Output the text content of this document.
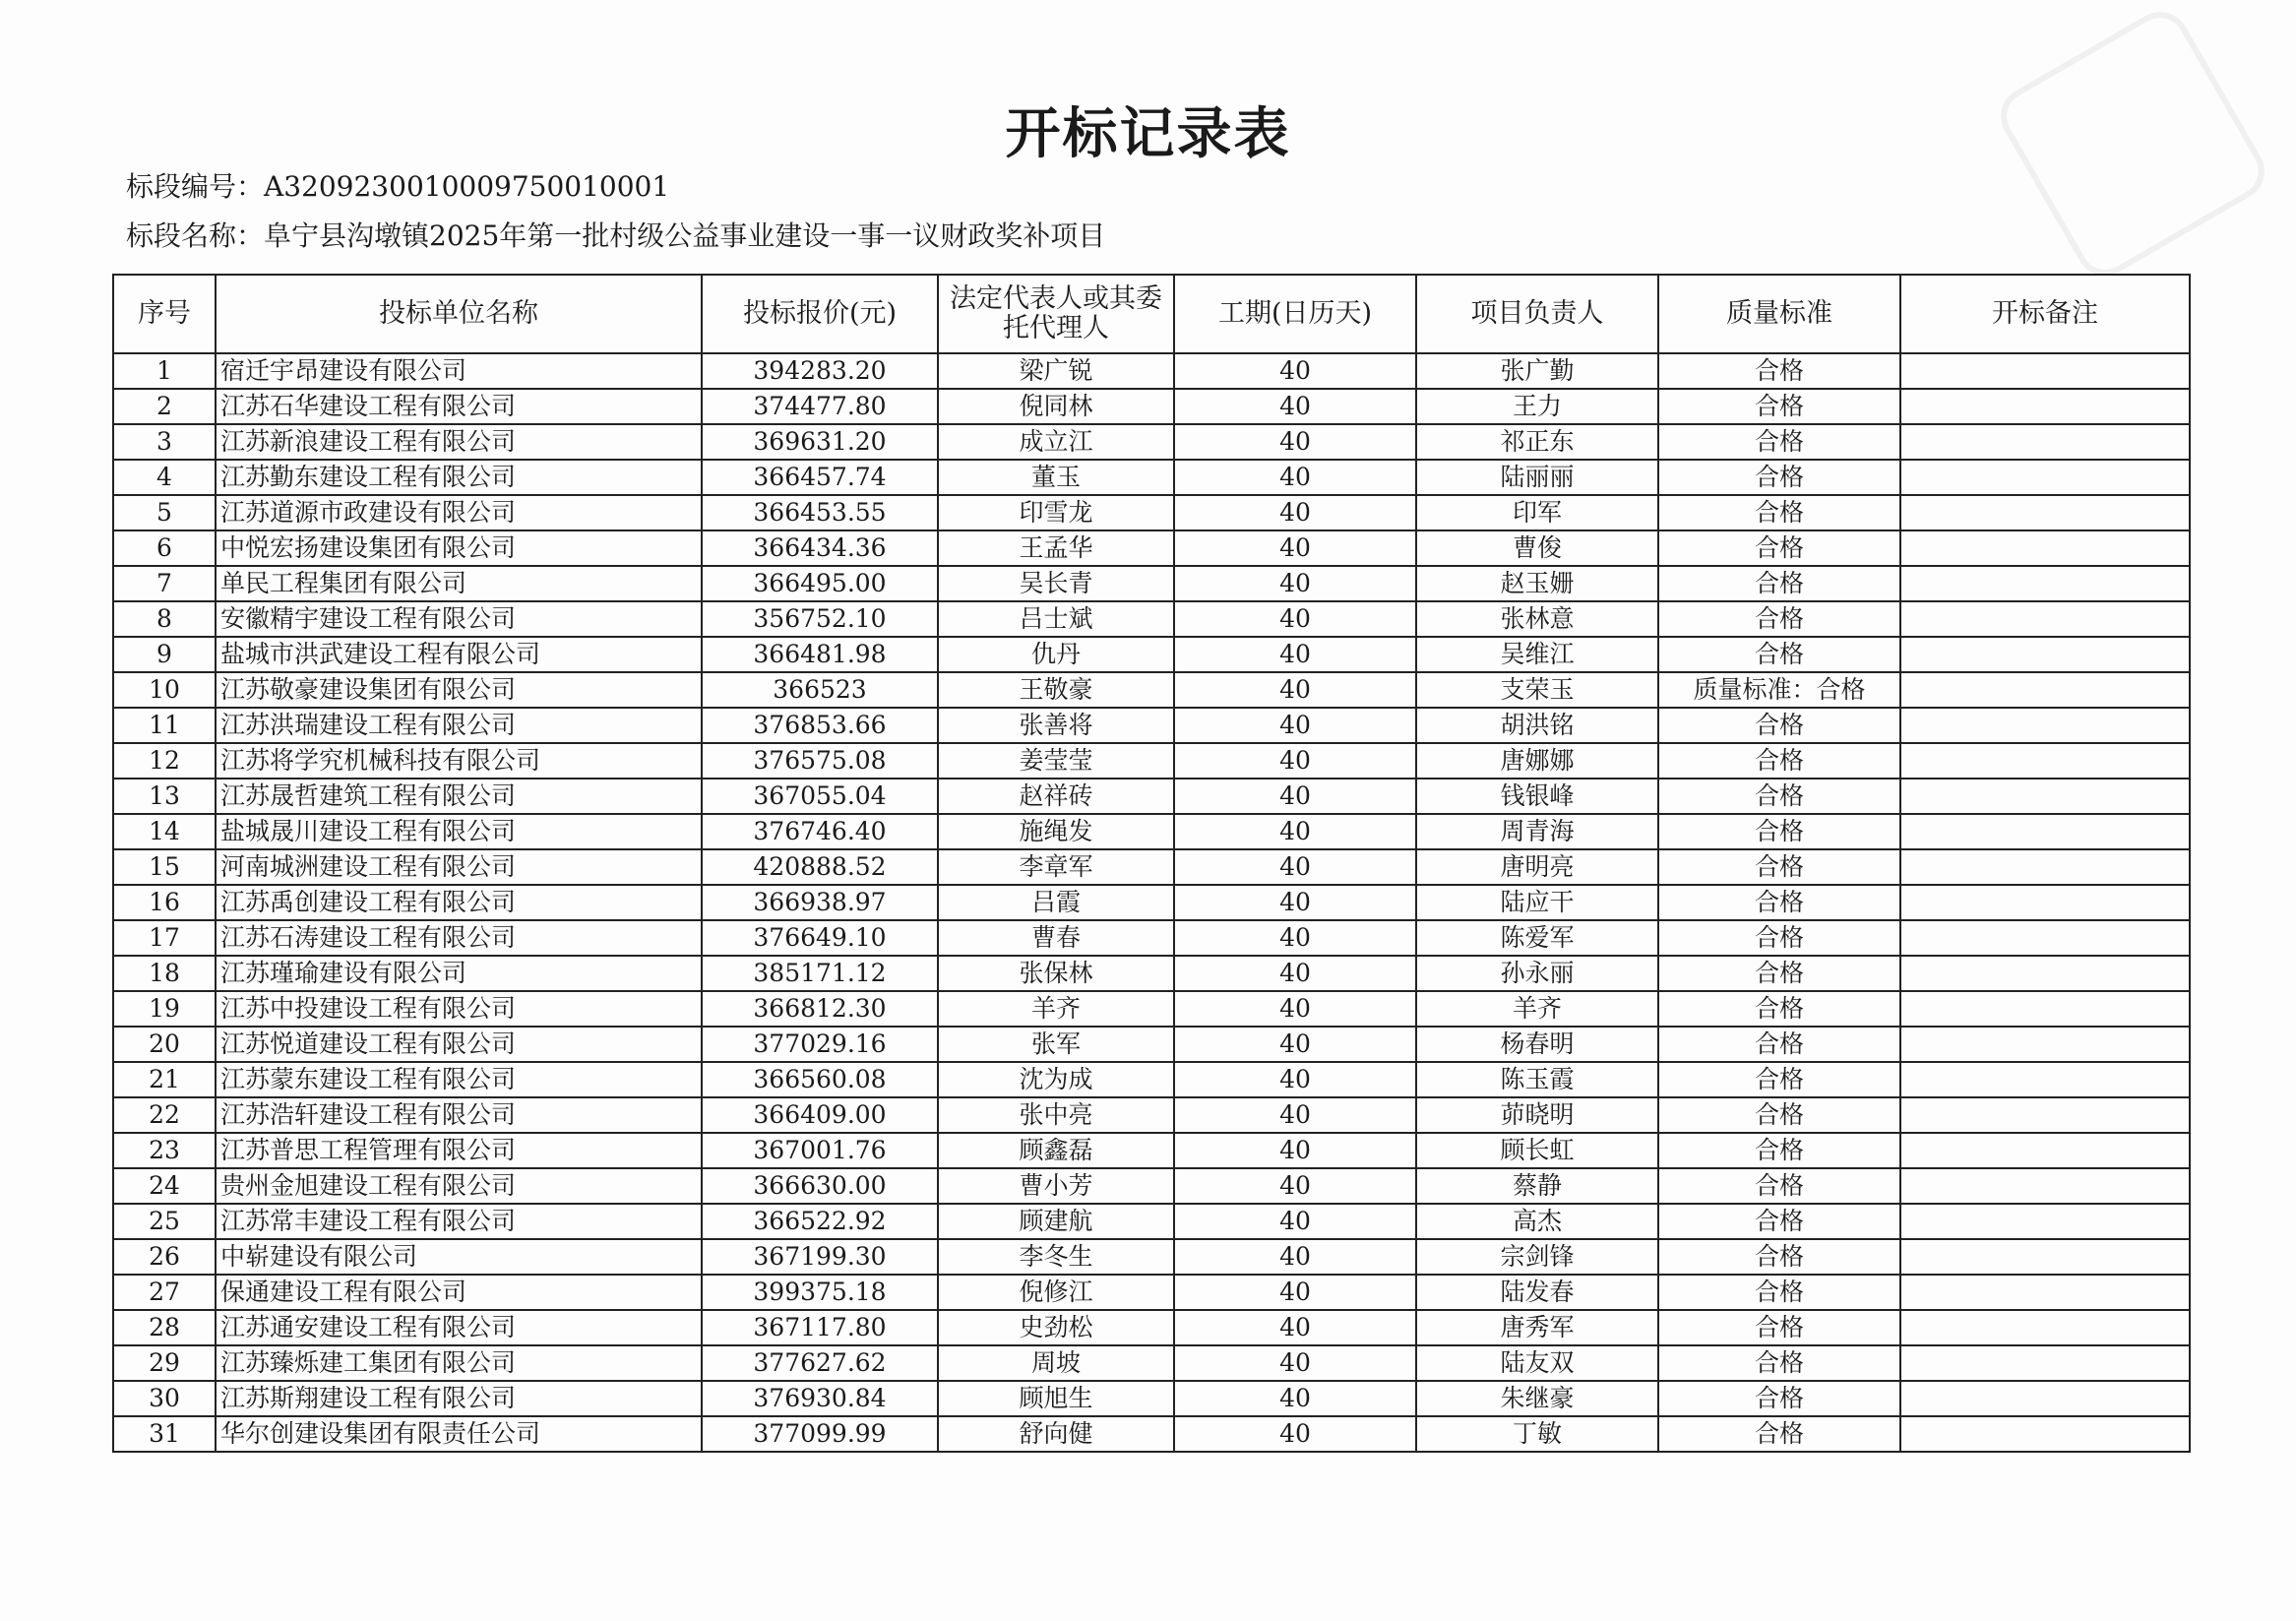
开标记录表
标段编号：A3209230010009750010001
标段名称：阜宁县沟墩镇2025年第一批村级公益事业建设一事一议财政奖补项目
序号	投标单位名称	投标报价(元)	法定代表人或其委托代理人	工期(日历天)	项目负责人	质量标准	开标备注
1	宿迁宇昂建设有限公司	394283.20	梁广锐	40	张广勤	合格	
2	江苏石华建设工程有限公司	374477.80	倪同林	40	王力	合格	
3	江苏新浪建设工程有限公司	369631.20	成立江	40	祁正东	合格	
4	江苏勤东建设工程有限公司	366457.74	董玉	40	陆丽丽	合格	
5	江苏道源市政建设有限公司	366453.55	印雪龙	40	印军	合格	
6	中悦宏扬建设集团有限公司	366434.36	王孟华	40	曹俊	合格	
7	单民工程集团有限公司	366495.00	吴长青	40	赵玉姗	合格	
8	安徽精宇建设工程有限公司	356752.10	吕士斌	40	张林意	合格	
9	盐城市洪武建设工程有限公司	366481.98	仇丹	40	吴维江	合格	
10	江苏敬豪建设集团有限公司	366523	王敬豪	40	支荣玉	质量标准：合格	
11	江苏洪瑞建设工程有限公司	376853.66	张善将	40	胡洪铭	合格	
12	江苏将学究机械科技有限公司	376575.08	姜莹莹	40	唐娜娜	合格	
13	江苏晟哲建筑工程有限公司	367055.04	赵祥砖	40	钱银峰	合格	
14	盐城晟川建设工程有限公司	376746.40	施绳发	40	周青海	合格	
15	河南城洲建设工程有限公司	420888.52	李章军	40	唐明亮	合格	
16	江苏禹创建设工程有限公司	366938.97	吕霞	40	陆应干	合格	
17	江苏石涛建设工程有限公司	376649.10	曹春	40	陈爱军	合格	
18	江苏瑾瑜建设有限公司	385171.12	张保林	40	孙永丽	合格	
19	江苏中投建设工程有限公司	366812.30	羊齐	40	羊齐	合格	
20	江苏悦道建设工程有限公司	377029.16	张军	40	杨春明	合格	
21	江苏蒙东建设工程有限公司	366560.08	沈为成	40	陈玉霞	合格	
22	江苏浩轩建设工程有限公司	366409.00	张中亮	40	茆晓明	合格	
23	江苏普思工程管理有限公司	367001.76	顾鑫磊	40	顾长虹	合格	
24	贵州金旭建设工程有限公司	366630.00	曹小芳	40	蔡静	合格	
25	江苏常丰建设工程有限公司	366522.92	顾建航	40	高杰	合格	
26	中崭建设有限公司	367199.30	李冬生	40	宗剑锋	合格	
27	保通建设工程有限公司	399375.18	倪修江	40	陆发春	合格	
28	江苏通安建设工程有限公司	367117.80	史劲松	40	唐秀军	合格	
29	江苏臻烁建工集团有限公司	377627.62	周坡	40	陆友双	合格	
30	江苏斯翔建设工程有限公司	376930.84	顾旭生	40	朱继豪	合格	
31	华尔创建设集团有限责任公司	377099.99	舒向健	40	丁敏	合格	
